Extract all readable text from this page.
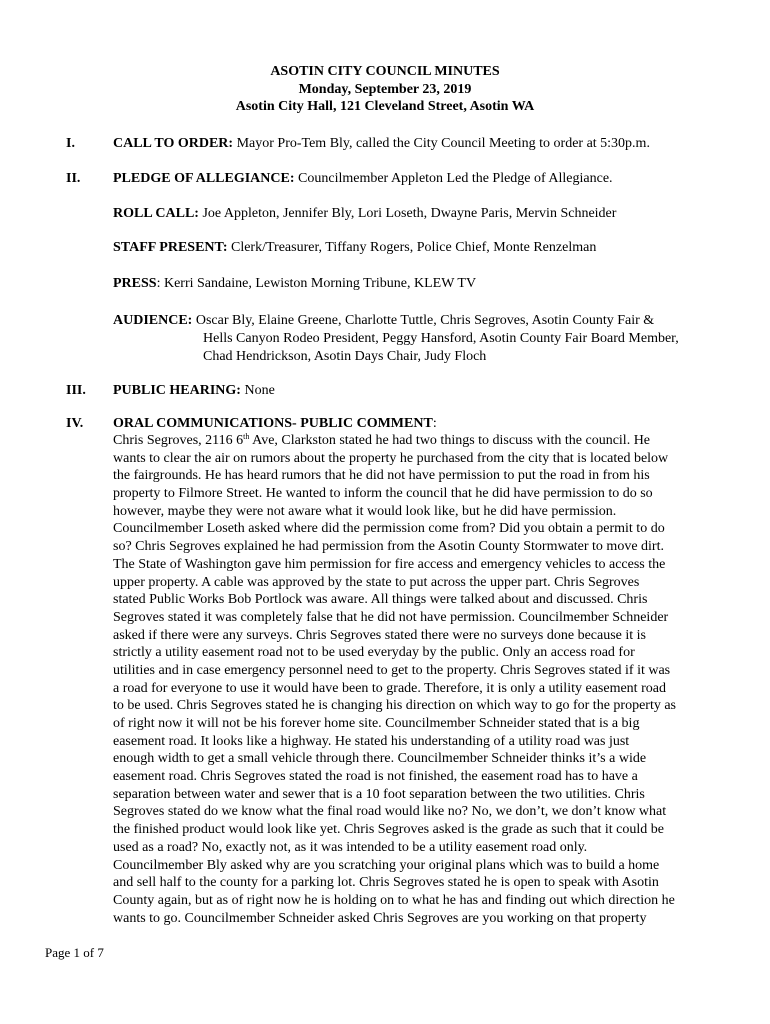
ASOTIN CITY COUNCIL MINUTES
Monday, September 23, 2019
Asotin City Hall, 121 Cleveland Street, Asotin WA
I.	CALL TO ORDER: Mayor Pro-Tem Bly, called the City Council Meeting to order at 5:30p.m.
II. PLEDGE OF ALLEGIANCE: Councilmember Appleton Led the Pledge of Allegiance.
ROLL CALL: Joe Appleton, Jennifer Bly, Lori Loseth, Dwayne Paris, Mervin Schneider
STAFF PRESENT: Clerk/Treasurer, Tiffany Rogers, Police Chief, Monte Renzelman
PRESS: Kerri Sandaine, Lewiston Morning Tribune, KLEW TV
AUDIENCE: Oscar Bly, Elaine Greene, Charlotte Tuttle, Chris Segroves, Asotin County Fair &
Hells Canyon Rodeo President, Peggy Hansford, Asotin County Fair Board Member,
Chad Hendrickson, Asotin Days Chair, Judy Floch
III. PUBLIC HEARING: None
IV. ORAL COMMUNICATIONS- PUBLIC COMMENT:
Chris Segroves, 2116 6th Ave, Clarkston stated he had two things to discuss with the council. He
wants to clear the air on rumors about the property he purchased from the city that is located below
the fairgrounds. He has heard rumors that he did not have permission to put the road in from his
property to Filmore Street. He wanted to inform the council that he did have permission to do so
however, maybe they were not aware what it would look like, but he did have permission.
Councilmember Loseth asked where did the permission come from? Did you obtain a permit to do
so? Chris Segroves explained he had permission from the Asotin County Stormwater to move dirt.
The State of Washington gave him permission for fire access and emergency vehicles to access the
upper property. A cable was approved by the state to put across the upper part. Chris Segroves
stated Public Works Bob Portlock was aware. All things were talked about and discussed. Chris
Segroves stated it was completely false that he did not have permission. Councilmember Schneider
asked if there were any surveys. Chris Segroves stated there were no surveys done because it is
strictly a utility easement road not to be used everyday by the public. Only an access road for
utilities and in case emergency personnel need to get to the property. Chris Segroves stated if it was
a road for everyone to use it would have been to grade. Therefore, it is only a utility easement road
to be used. Chris Segroves stated he is changing his direction on which way to go for the property as
of right now it will not be his forever home site. Councilmember Schneider stated that is a big
easement road. It looks like a highway. He stated his understanding of a utility road was just
enough width to get a small vehicle through there. Councilmember Schneider thinks it’s a wide
easement road. Chris Segroves stated the road is not finished, the easement road has to have a
separation between water and sewer that is a 10 foot separation between the two utilities. Chris
Segroves stated do we know what the final road would like no? No, we don’t, we don’t know what
the finished product would look like yet. Chris Segroves asked is the grade as such that it could be
used as a road? No, exactly not, as it was intended to be a utility easement road only.
Councilmember Bly asked why are you scratching your original plans which was to build a home
and sell half to the county for a parking lot. Chris Segroves stated he is open to speak with Asotin
County again, but as of right now he is holding on to what he has and finding out which direction he
wants to go. Councilmember Schneider asked Chris Segroves are you working on that property
Page 1 of 7
